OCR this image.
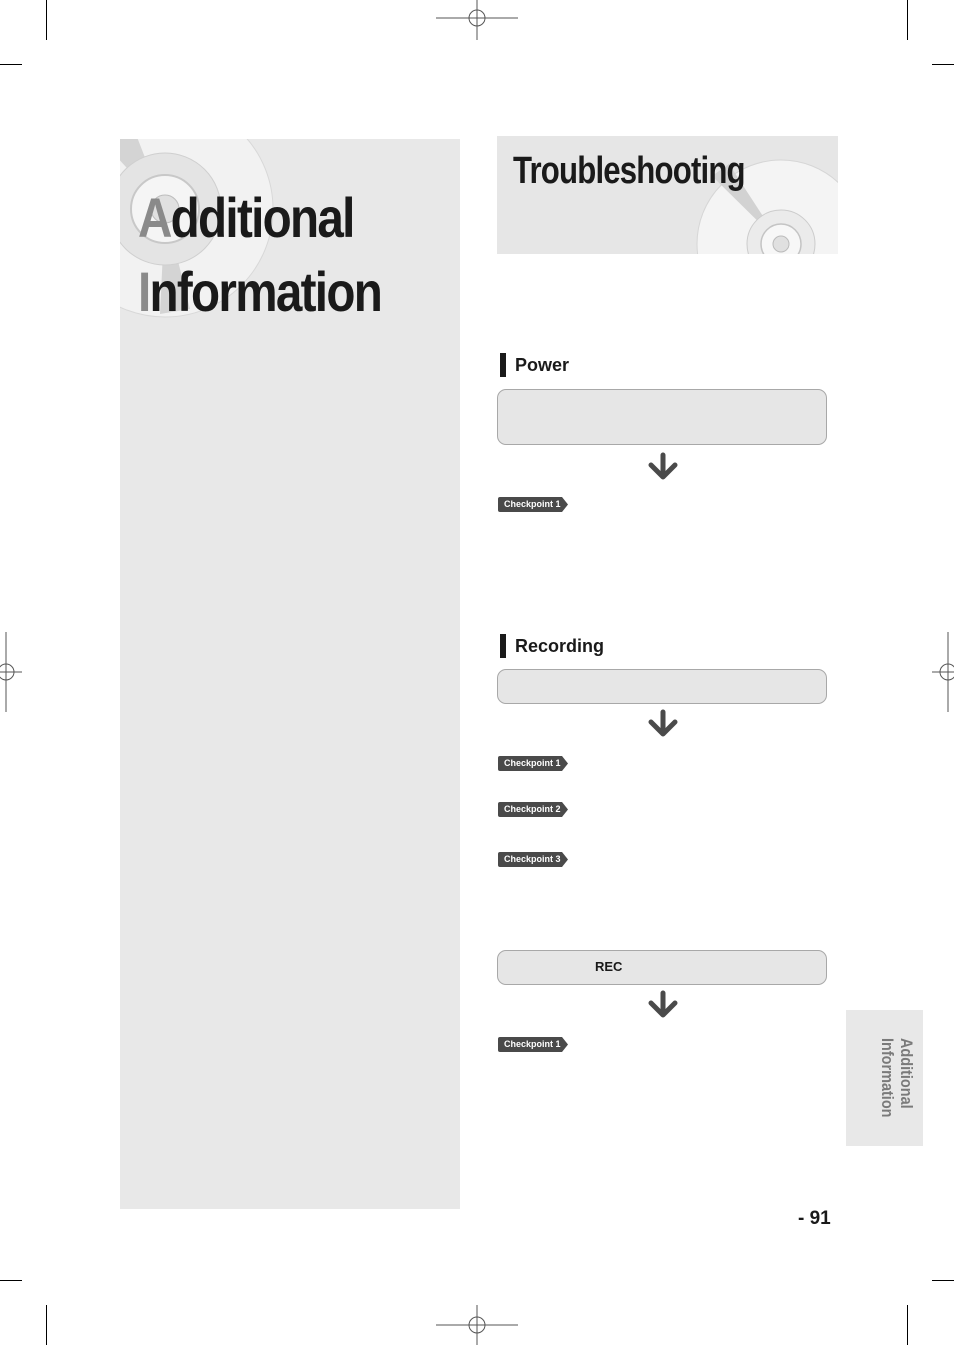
Additional
Information
Troubleshooting
Power
Checkpoint 1
Recording
Checkpoint 1
Checkpoint 2
Checkpoint 3
REC
Checkpoint 1	Additional
Information
- 91
